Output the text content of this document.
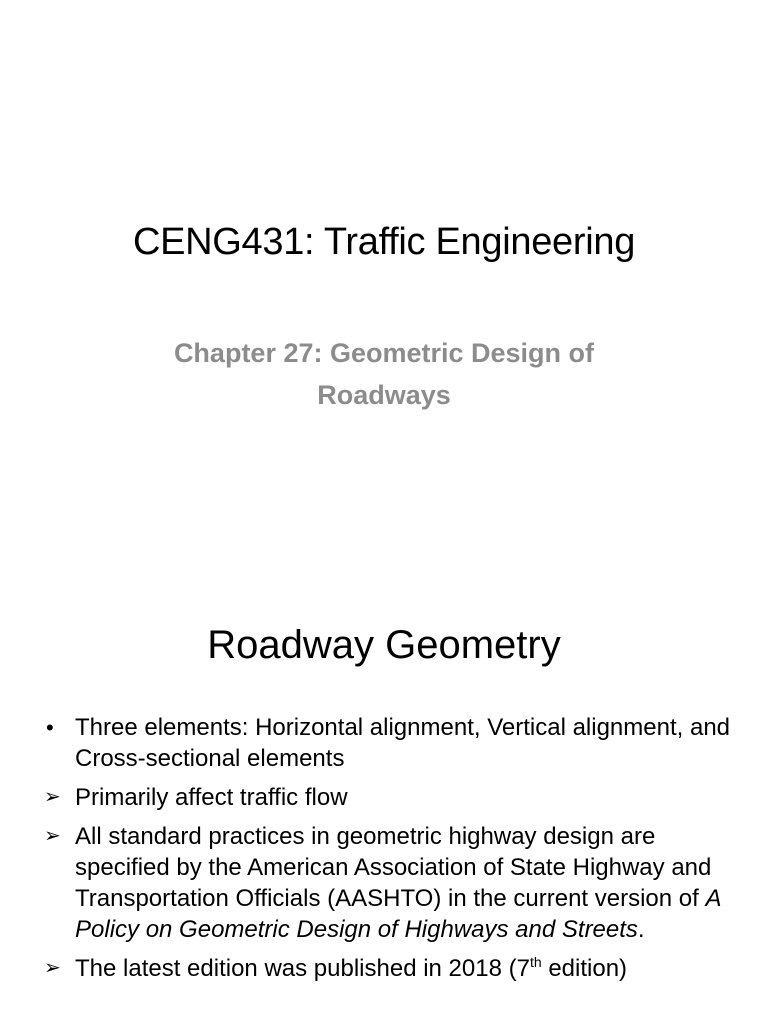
CENG431: Traffic Engineering

Chapter 27: Geometric Design of Roadways

Roadway Geometry
• Three elements: Horizontal alignment, Vertical alignment, and Cross-sectional elements
➢ Primarily affect traffic flow
➢ All standard practices in geometric highway design are specified by the American Association of State Highway and Transportation Officials (AASHTO) in the current version of A Policy on Geometric Design of Highways and Streets.
➢ The latest edition was published in 2018 (7th edition)
